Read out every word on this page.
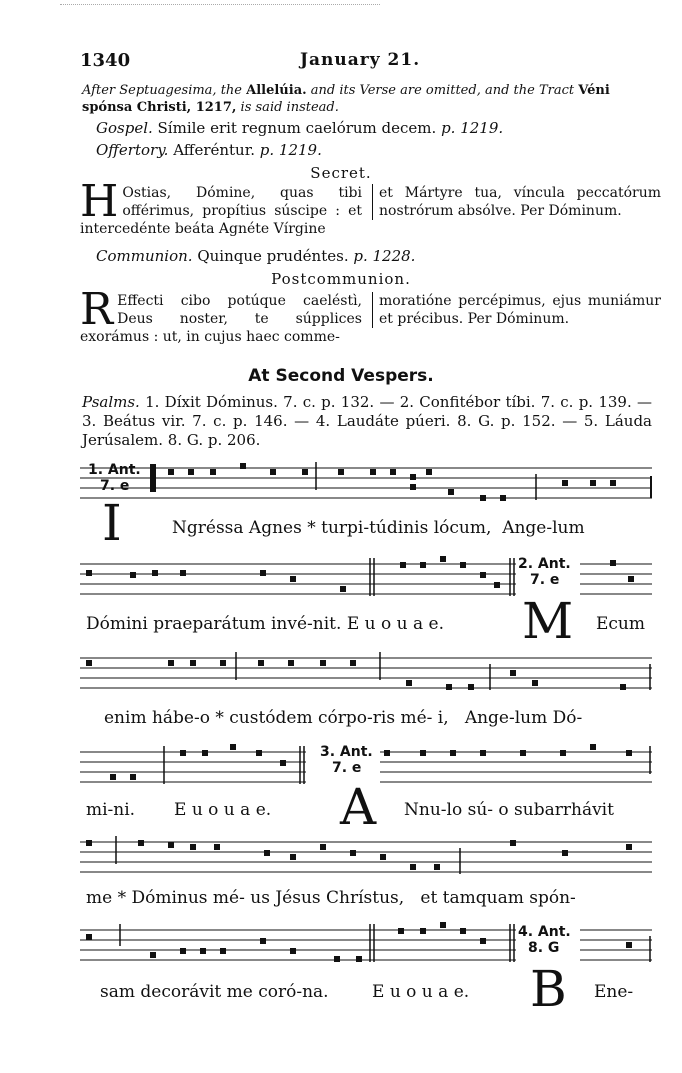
1340	January 21.
After Septuagesima, the Allelúia. and its Verse are omitted, and the Tract Véni spónsa Christi, 1217, is said instead.
Gospel. Símile erit regnum caelórum decem. p. 1219.
Offertory. Afferéntur. p. 1219.
Secret.
H Ostias, Dómine, quas tibi offérimus, propítius súscipe : et intercedénte beáta Agnéte Vírgine
et Mártyre tua, víncula peccatórum nostrórum absólve. Per Dóminum.
Communion. Quinque prudéntes. p. 1228.
Postcommunion.
R Eff́ecti cibo potúque caeléstì, Deus noster, te súpplices exorámus : ut, in cujus haec comme-
moratióne percépimus, ejus muniámur et précibus. Per Dóminum.
At Second Vespers.
Psalms. 1. Díxit Dóminus. 7. c. p. 132. — 2. Confitébor tíbi. 7. c. p. 139. — 3. Beátus vir. 7. c. p. 146. — 4. Laudáte púeri. 8. G. p. 152. — 5. Láuda Jerúsalem. 8. G. p. 206.
1. Ant.
7. e
I	Ngréssa Agnes * turpi-túdinis lócum,  Ange-lum
2. Ant.
7. e
Dómini praeparátum invé-nit. E u o u a e. M Ecum
enim hábe-o * custódem córpo-ris mé- i,   Ange-lum Dó-
3. Ant.
7. e
mi-ni. E u o u a e. A Nnu-lo sú- o subarrhávit
me * Dóminus mé- us Jésus Chrístus,   et tamquam spón-
4. Ant.
8. G
sam decorávit me coró-na.	E u o u a e. B Ene-
